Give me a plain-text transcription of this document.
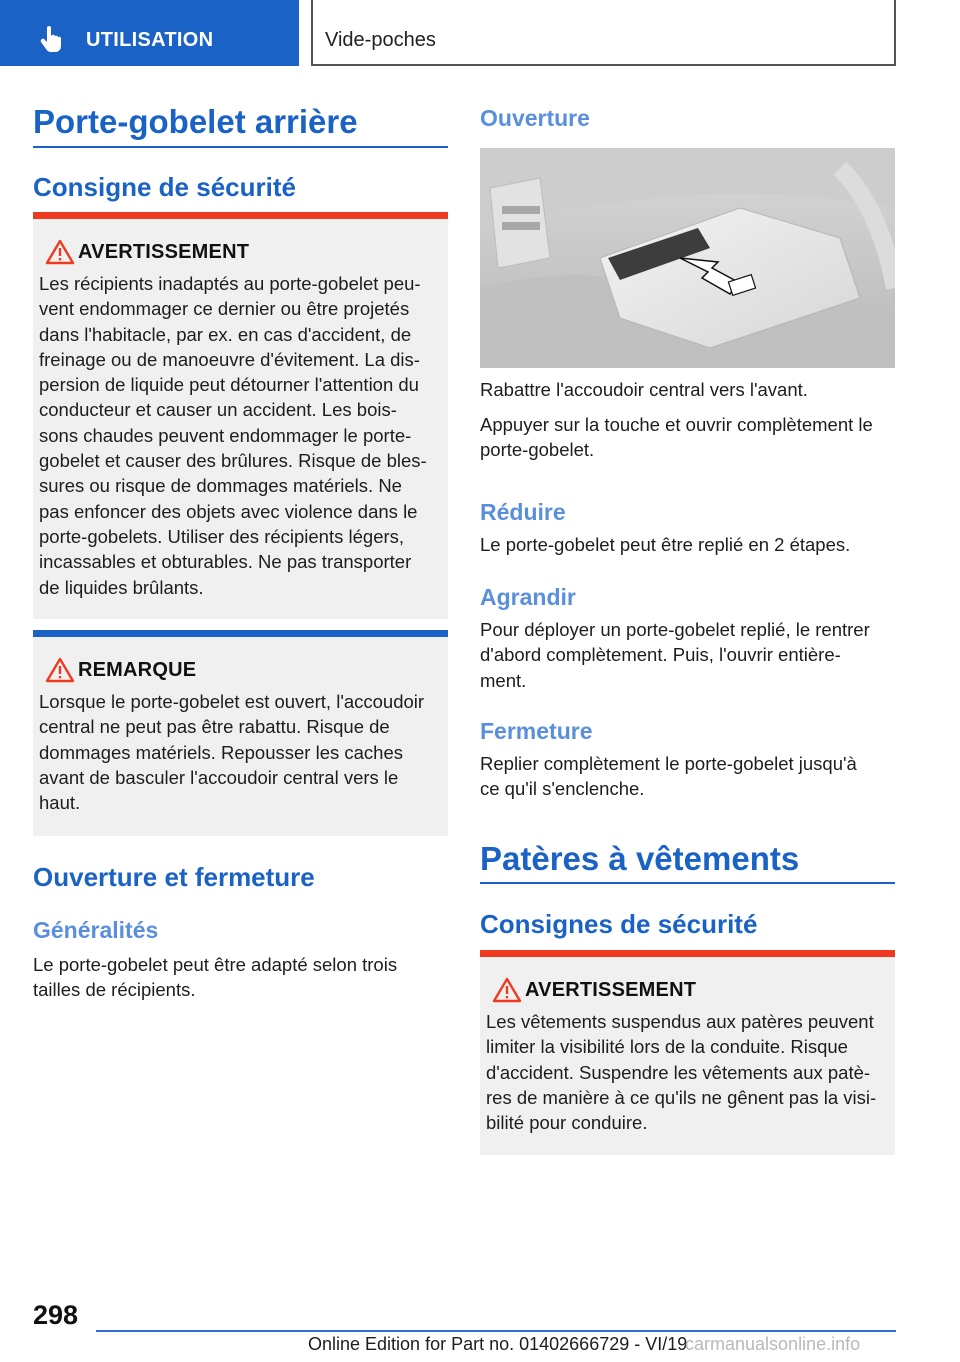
UTILISATION	Vide-poches
Porte-gobelet arrière
Consigne de sécurité
AVERTISSEMENT
Les récipients inadaptés au porte-gobelet peu-
vent endommager ce dernier ou être projetés
dans l'habitacle, par ex. en cas d'accident, de
freinage ou de manoeuvre d'évitement. La dis-
persion de liquide peut détourner l'attention du
conducteur et causer un accident. Les bois-
sons chaudes peuvent endommager le porte-
gobelet et causer des brûlures. Risque de bles-
sures ou risque de dommages matériels. Ne
pas enfoncer des objets avec violence dans le
porte-gobelets. Utiliser des récipients légers,
incassables et obturables. Ne pas transporter
de liquides brûlants.
REMARQUE
Lorsque le porte-gobelet est ouvert, l'accoudoir
central ne peut pas être rabattu. Risque de
dommages matériels. Repousser les caches
avant de basculer l'accoudoir central vers le
haut.
Ouverture et fermeture
Généralités
Le porte-gobelet peut être adapté selon trois
tailles de récipients.
Ouverture
Rabattre l'accoudoir central vers l'avant.
Appuyer sur la touche et ouvrir complètement le
porte-gobelet.
Réduire
Le porte-gobelet peut être replié en 2 étapes.
Agrandir
Pour déployer un porte-gobelet replié, le rentrer
d'abord complètement. Puis, l'ouvrir entière-
ment.
Fermeture
Replier complètement le porte-gobelet jusqu'à
ce qu'il s'enclenche.
Patères à vêtements
Consignes de sécurité
AVERTISSEMENT
Les vêtements suspendus aux patères peuvent
limiter la visibilité lors de la conduite. Risque
d'accident. Suspendre les vêtements aux patè-
res de manière à ce qu'ils ne gênent pas la visi-
bilité pour conduire.
298
Online Edition for Part no. 01402666729 - VI/19
carmanualsonline.info
